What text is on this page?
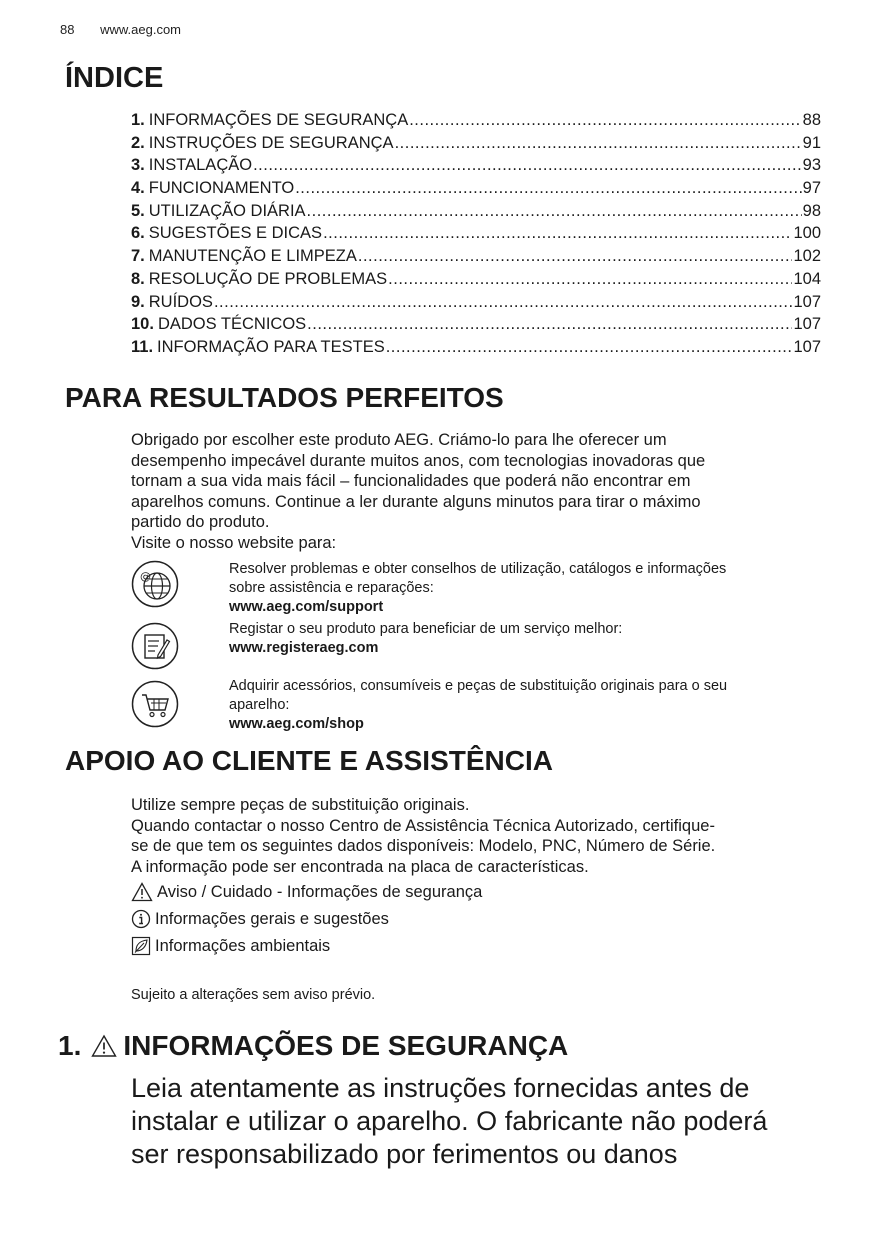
88 www.aeg.com
ÍNDICE
1. INFORMAÇÕES DE SEGURANÇA .....	88
2. INSTRUÇÕES DE SEGURANÇA .....	91
3. INSTALAÇÃO .....	93
4. FUNCIONAMENTO .....	97
5. UTILIZAÇÃO DIÁRIA .....	98
6. SUGESTÕES E DICAS .....	100
7. MANUTENÇÃO E LIMPEZA .....	102
8. RESOLUÇÃO DE PROBLEMAS .....	104
9. RUÍDOS .....	107
10. DADOS TÉCNICOS .....	107
11. INFORMAÇÃO PARA TESTES .....	107
PARA RESULTADOS PERFEITOS
Obrigado por escolher este produto AEG. Criámo-lo para lhe oferecer um
desempenho impecável durante muitos anos, com tecnologias inovadoras que
tornam a sua vida mais fácil – funcionalidades que poderá não encontrar em
aparelhos comuns. Continue a ler durante alguns minutos para tirar o máximo
partido do produto.
Visite o nosso website para:
@	Resolver problemas e obter conselhos de utilização, catálogos e informações
sobre assistência e reparações:
www.aeg.com/support
Registar o seu produto para beneficiar de um serviço melhor:
www.registeraeg.com
Adquirir acessórios, consumíveis e peças de substituição originais para o seu
aparelho:
www.aeg.com/shop
APOIO AO CLIENTE E ASSISTÊNCIA
Utilize sempre peças de substituição originais.
Quando contactar o nosso Centro de Assistência Técnica Autorizado, certifique-
se de que tem os seguintes dados disponíveis: Modelo, PNC, Número de Série.
A informação pode ser encontrada na placa de características.
Aviso / Cuidado - Informações de segurança
Informações gerais e sugestões
Informações ambientais
Sujeito a alterações sem aviso prévio.
1. INFORMAÇÕES DE SEGURANÇA
Leia atentamente as instruções fornecidas antes de
instalar e utilizar o aparelho. O fabricante não poderá
ser responsabilizado por ferimentos ou danos
